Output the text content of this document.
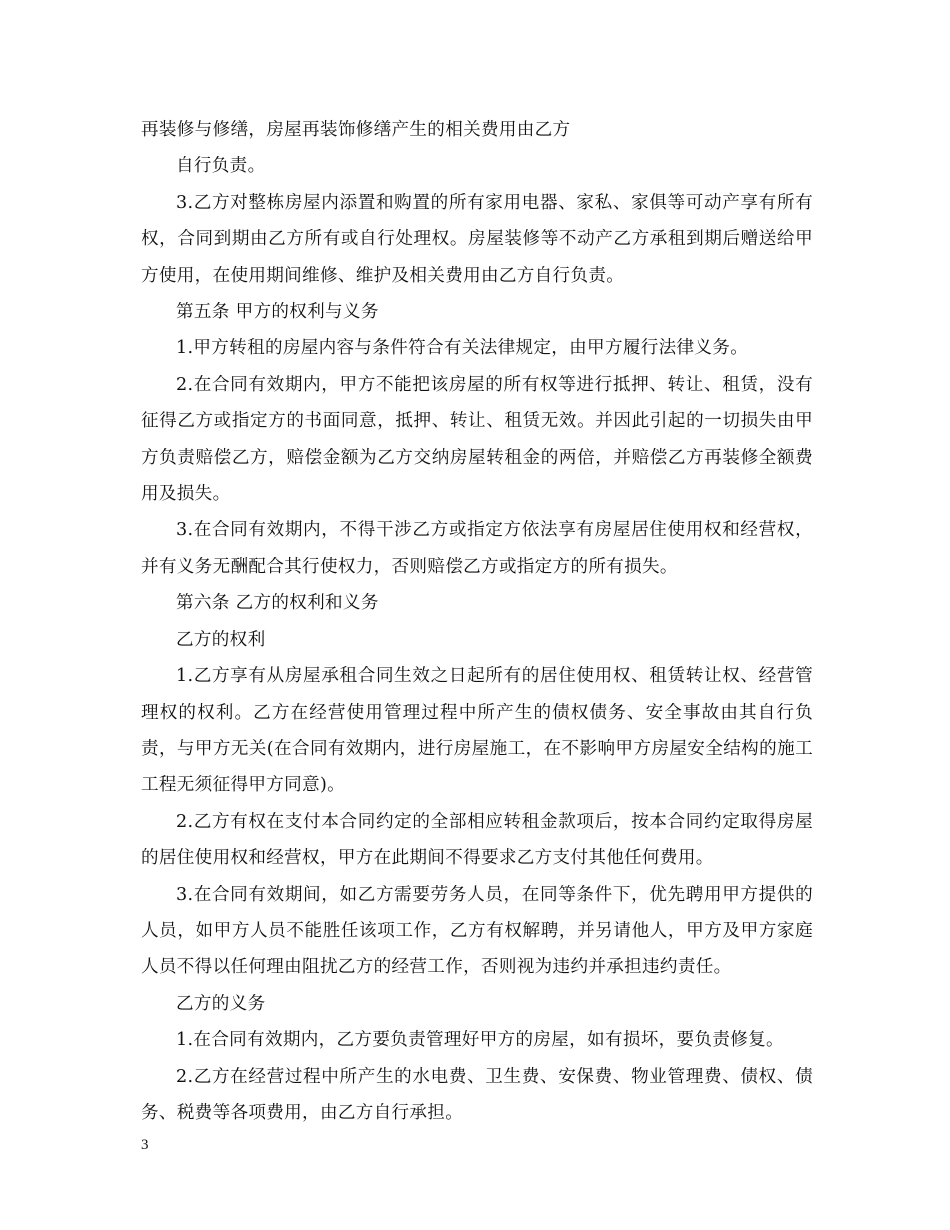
再装修与修缮，房屋再装饰修缮产生的相关费用由乙方

自行负责。

3.乙方对整栋房屋内添置和购置的所有家用电器、家私、家俱等可动产享有所有权，合同到期由乙方所有或自行处理权。房屋装修等不动产乙方承租到期后赠送给甲方使用，在使用期间维修、维护及相关费用由乙方自行负责。

第五条 甲方的权利与义务

1.甲方转租的房屋内容与条件符合有关法律规定，由甲方履行法律义务。

2.在合同有效期内，甲方不能把该房屋的所有权等进行抵押、转让、租赁，没有征得乙方或指定方的书面同意，抵押、转让、租赁无效。并因此引起的一切损失由甲方负责赔偿乙方，赔偿金额为乙方交纳房屋转租金的两倍，并赔偿乙方再装修全额费用及损失。

3.在合同有效期内，不得干涉乙方或指定方依法享有房屋居住使用权和经营权，并有义务无酬配合其行使权力，否则赔偿乙方或指定方的所有损失。

第六条 乙方的权利和义务

乙方的权利

1.乙方享有从房屋承租合同生效之日起所有的居住使用权、租赁转让权、经营管理权的权利。乙方在经营使用管理过程中所产生的债权债务、安全事故由其自行负责，与甲方无关(在合同有效期内，进行房屋施工，在不影响甲方房屋安全结构的施工工程无须征得甲方同意)。

2.乙方有权在支付本合同约定的全部相应转租金款项后，按本合同约定取得房屋的居住使用权和经营权，甲方在此期间不得要求乙方支付其他任何费用。

3.在合同有效期间，如乙方需要劳务人员，在同等条件下，优先聘用甲方提供的人员，如甲方人员不能胜任该项工作，乙方有权解聘，并另请他人，甲方及甲方家庭人员不得以任何理由阻扰乙方的经营工作，否则视为违约并承担违约责任。

乙方的义务

1.在合同有效期内，乙方要负责管理好甲方的房屋，如有损坏，要负责修复。

2.乙方在经营过程中所产生的水电费、卫生费、安保费、物业管理费、债权、债务、税费等各项费用，由乙方自行承担。

3
